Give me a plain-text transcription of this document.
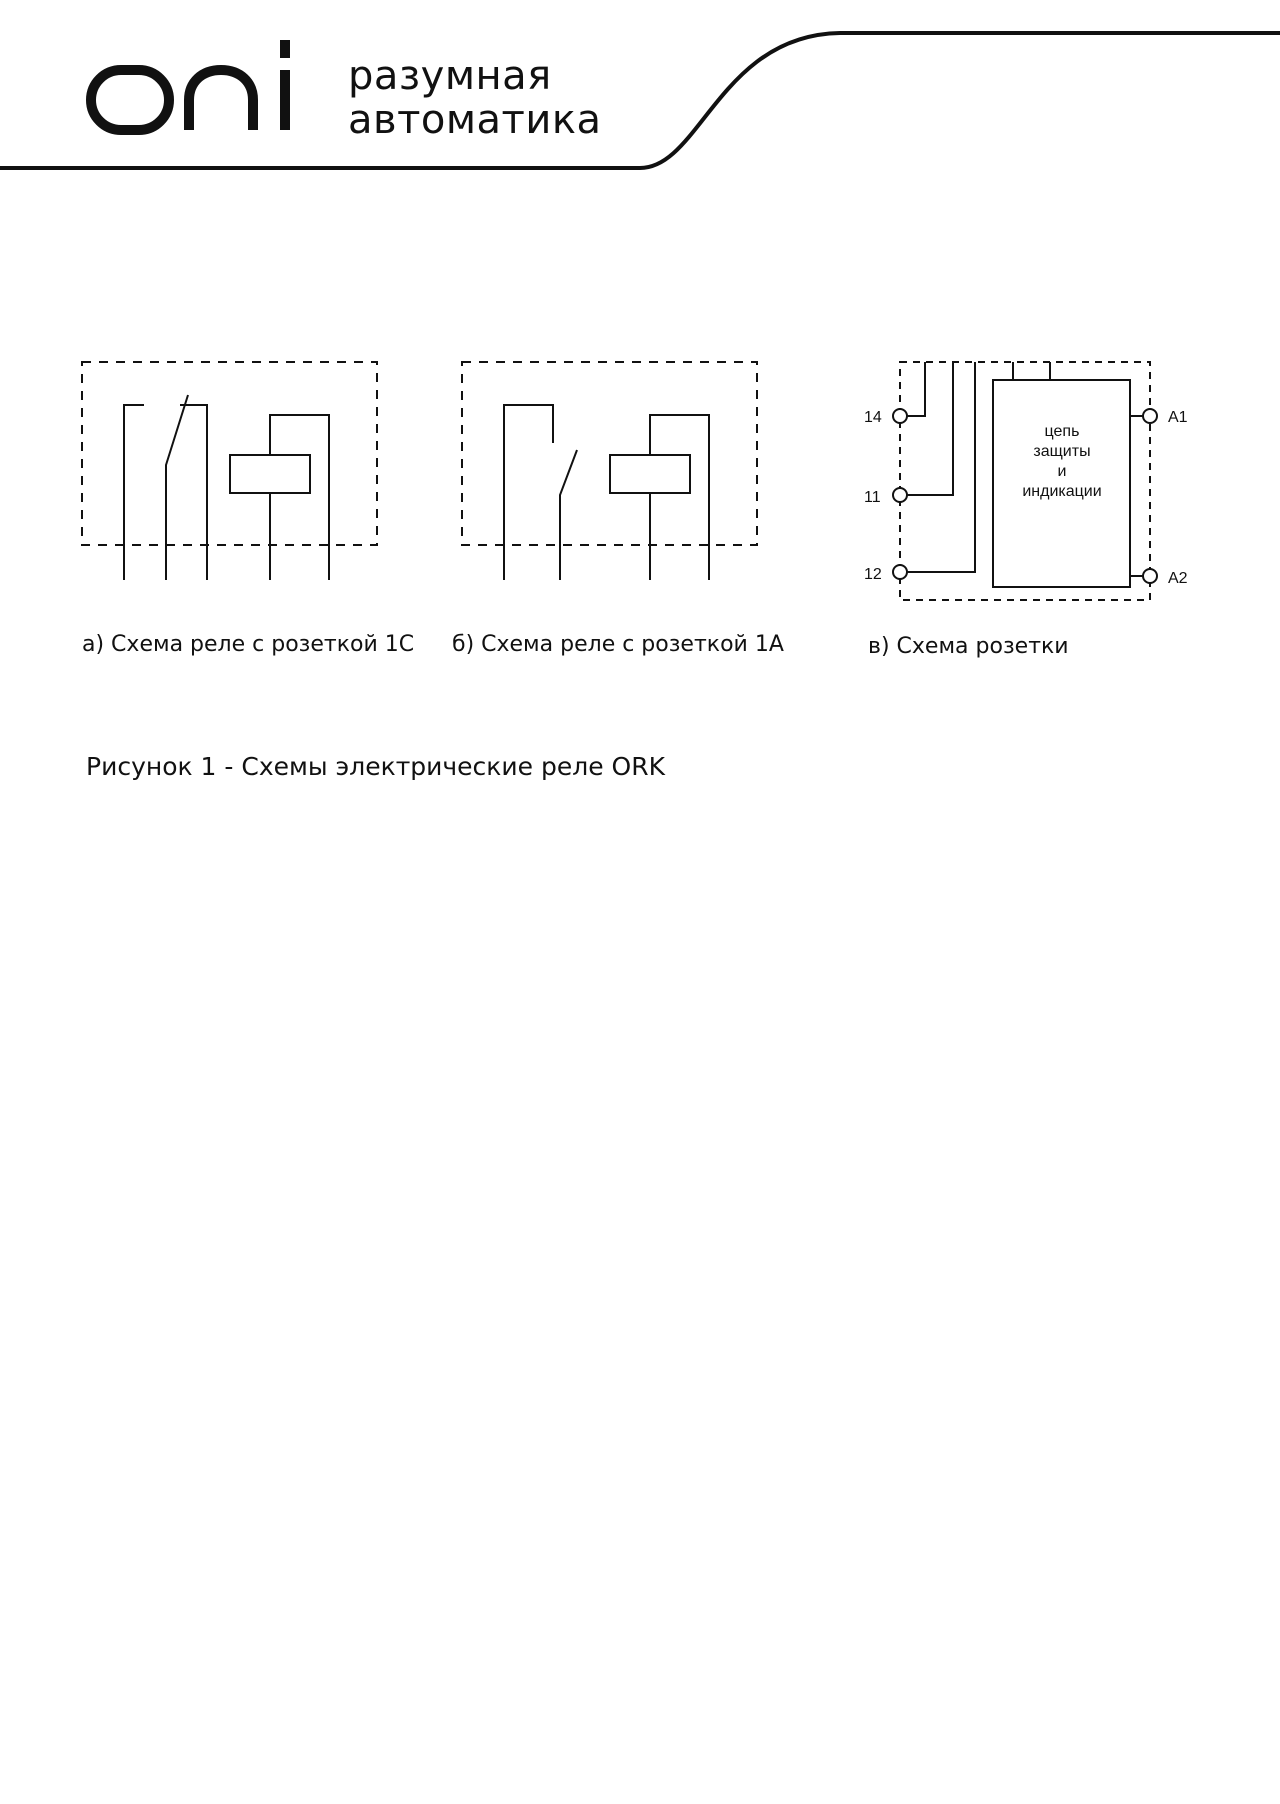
разумная
автоматика
а) Схема реле с розеткой 1С б) Схема реле с розеткой 1А
14
11
12
A1
A2
цепь
защиты
и
индикации
в) Схема розетки
Рисунок 1 - Схемы электрические реле ORK
